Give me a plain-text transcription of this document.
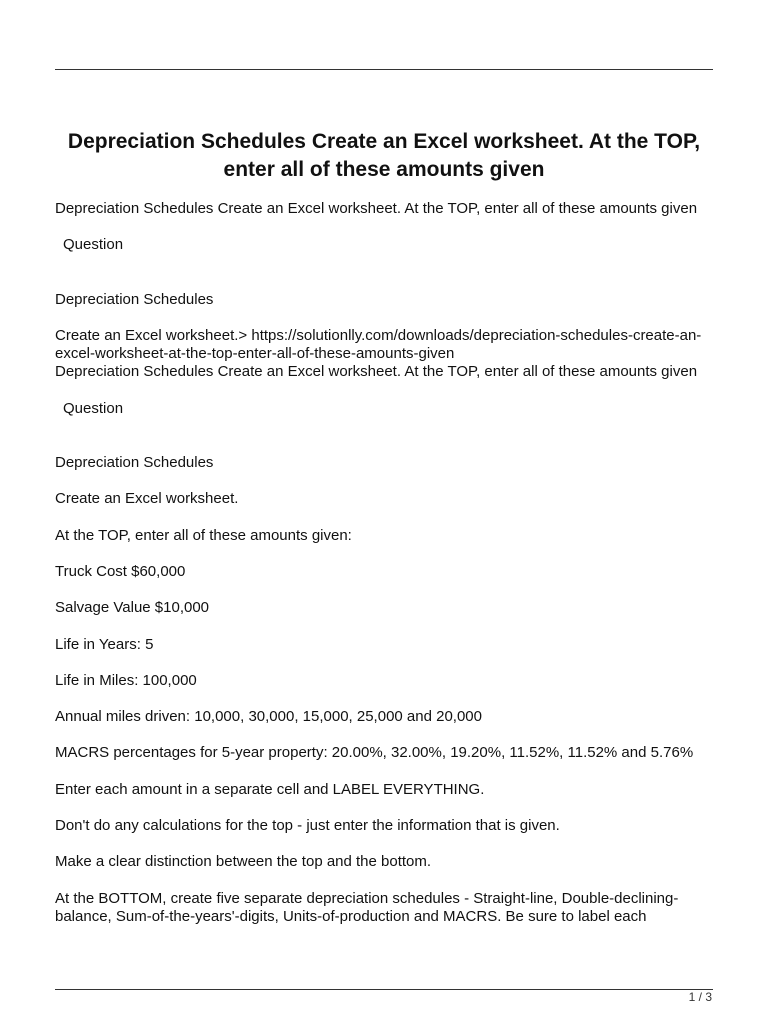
Depreciation Schedules Create an Excel worksheet. At the TOP, enter all of these amounts given

Depreciation Schedules Create an Excel worksheet. At the TOP, enter all of these amounts given

Question

Depreciation Schedules

Create an Excel worksheet.> https://solutionlly.com/downloads/depreciation-schedules-create-an-excel-worksheet-at-the-top-enter-all-of-these-amounts-given

Depreciation Schedules Create an Excel worksheet. At the TOP, enter all of these amounts given

Question

Depreciation Schedules

Create an Excel worksheet.

At the TOP, enter all of these amounts given:

Truck Cost $60,000

Salvage Value $10,000

Life in Years: 5

Life in Miles: 100,000

Annual miles driven: 10,000, 30,000, 15,000, 25,000 and 20,000

MACRS percentages for 5-year property: 20.00%, 32.00%, 19.20%, 11.52%, 11.52% and 5.76%

Enter each amount in a separate cell and LABEL EVERYTHING.

Don't do any calculations for the top - just enter the information that is given.

Make a clear distinction between the top and the bottom.

At the BOTTOM, create five separate depreciation schedules - Straight-line, Double-declining-balance, Sum-of-the-years'-digits, Units-of-production and MACRS. Be sure to label each

1 / 3
